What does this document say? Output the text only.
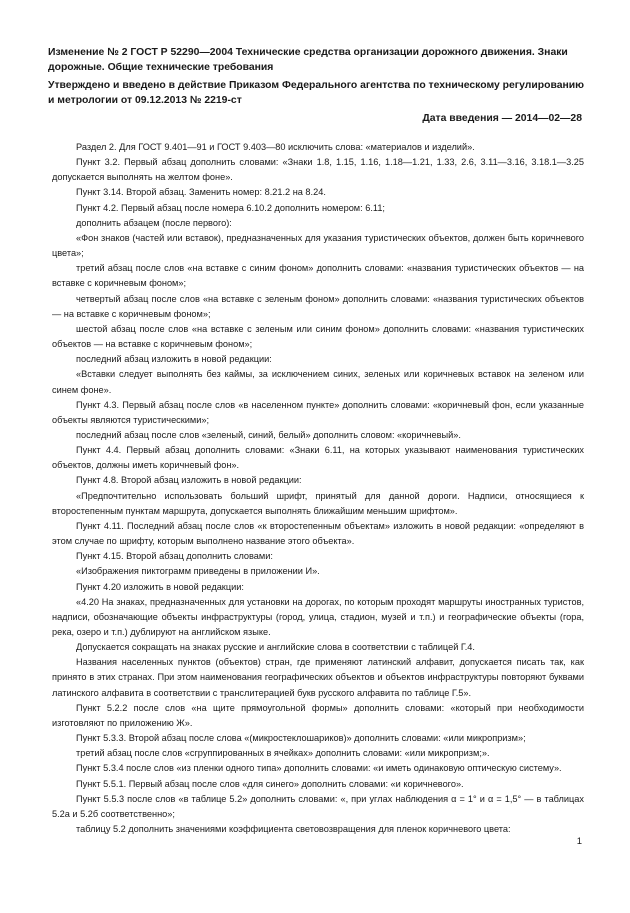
Изменение № 2 ГОСТ Р 52290—2004 Технические средства организации дорожного движения. Знаки дорожные. Общие технические требования

Утверждено и введено в действие Приказом Федерального агентства по техническому регулированию и метрологии от 09.12.2013 № 2219-ст

Дата введения — 2014—02—28

Раздел 2. Для ГОСТ 9.401—91 и ГОСТ 9.403—80 исключить слова: «материалов и изделий».

Пункт 3.2. Первый абзац дополнить словами: «Знаки 1.8, 1.15, 1.16, 1.18—1.21, 1.33, 2.6, 3.11—3.16, 3.18.1—3.25 допускается выполнять на желтом фоне».

Пункт 3.14. Второй абзац. Заменить номер: 8.21.2 на 8.24.

Пункт 4.2. Первый абзац после номера 6.10.2 дополнить номером: 6.11;

дополнить абзацем (после первого):

«Фон знаков (частей или вставок), предназначенных для указания туристических объектов, должен быть коричневого цвета»;

третий абзац после слов «на вставке с синим фоном» дополнить словами: «названия туристических объектов — на вставке с коричневым фоном»;

четвертый абзац после слов «на вставке с зеленым фоном» дополнить словами: «названия туристических объектов — на вставке с коричневым фоном»;

шестой абзац после слов «на вставке с зеленым или синим фоном» дополнить словами: «названия туристических объектов — на вставке с коричневым фоном»;

последний абзац изложить в новой редакции:

«Вставки следует выполнять без каймы, за исключением синих, зеленых или коричневых вставок на зеленом или синем фоне».

Пункт 4.3. Первый абзац после слов «в населенном пункте» дополнить словами: «коричневый фон, если указанные объекты являются туристическими»;

последний абзац после слов «зеленый, синий, белый» дополнить словом: «коричневый».

Пункт 4.4. Первый абзац дополнить словами: «Знаки 6.11, на которых указывают наименования туристических объектов, должны иметь коричневый фон».

Пункт 4.8. Второй абзац изложить в новой редакции:

«Предпочтительно использовать больший шрифт, принятый для данной дороги. Надписи, относящиеся к второстепенным пунктам маршрута, допускается выполнять ближайшим меньшим шрифтом».

Пункт 4.11. Последний абзац после слов «к второстепенным объектам» изложить в новой редакции: «определяют в этом случае по шрифту, которым выполнено название этого объекта».

Пункт 4.15. Второй абзац дополнить словами:

«Изображения пиктограмм приведены в приложении И».

Пункт 4.20 изложить в новой редакции:

«4.20 На знаках, предназначенных для установки на дорогах, по которым проходят маршруты иностранных туристов, надписи, обозначающие объекты инфраструктуры (город, улица, стадион, музей и т.п.) и географические объекты (гора, река, озеро и т.п.) дублируют на английском языке.

Допускается сокращать на знаках русские и английские слова в соответствии с таблицей Г.4.

Названия населенных пунктов (объектов) стран, где применяют латинский алфавит, допускается писать так, как принято в этих странах. При этом наименования географических объектов и объектов инфраструктуры повторяют буквами латинского алфавита в соответствии с транслитерацией букв русского алфавита по таблице Г.5».

Пункт 5.2.2 после слов «на щите прямоугольной формы» дополнить словами: «который при необходимости изготовляют по приложению Ж».

Пункт 5.3.3. Второй абзац после слова «(микростеклошариков)» дополнить словами: «или микропризм»;

третий абзац после слов «сгруппированных в ячейках» дополнить словами: «или микропризм;».

Пункт 5.3.4 после слов «из пленки одного типа» дополнить словами: «и иметь одинаковую оптическую систему».

Пункт 5.5.1. Первый абзац после слов «для синего» дополнить словами: «и коричневого».

Пункт 5.5.3 после слов «в таблице 5.2» дополнить словами: «, при углах наблюдения α = 1° и α = 1,5° — в таблицах 5.2а и 5.2б соответственно»;

таблицу 5.2 дополнить значениями коэффициента световозвращения для пленок коричневого цвета:

1
